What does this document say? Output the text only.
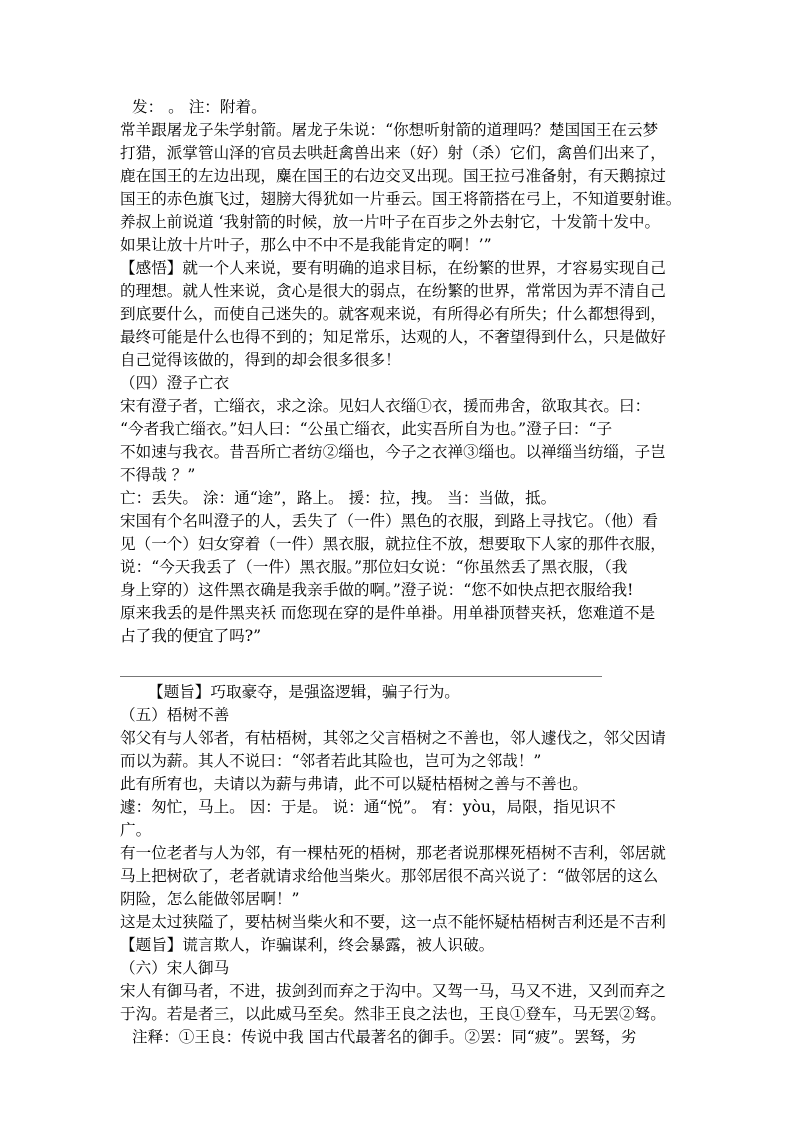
发： 。 注：附着。
常羊跟屠龙子朱学射箭。屠龙子朱说：“你想听射箭的道理吗？楚国国王在云梦
打猎，派掌管山泽的官员去哄赶禽兽出来（好）射（杀）它们，禽兽们出来了，
鹿在国王的左边出现，麋在国王的右边交叉出现。国王拉弓准备射，有天鹅掠过
国王的赤色旗飞过，翅膀大得犹如一片垂云。国王将箭搭在弓上，不知道要射谁。
养叔上前说道 ‘我射箭的时候，放一片叶子在百步之外去射它，十发箭十发中。
如果让放十片叶子，那么中不中不是我能肯定的啊！’”
【感悟】就一个人来说，要有明确的追求目标，在纷繁的世界，才容易实现自己
的理想。就人性来说，贪心是很大的弱点，在纷繁的世界，常常因为弄不清自己
到底要什么，而使自己迷失的。就客观来说，有所得必有所失；什么都想得到，
最终可能是什么也得不到的；知足常乐，达观的人，不奢望得到什么，只是做好
自己觉得该做的，得到的却会很多很多！
（四）澄子亡衣
宋有澄子者，亡缁衣，求之涂。见妇人衣缁①衣，援而弗舍，欲取其衣。曰：
“今者我亡缁衣。”妇人曰：“公虽亡缁衣，此实吾所自为也。”澄子曰：“子
不如速与我衣。昔吾所亡者纺②缁也，今子之衣禅③缁也。以禅缁当纺缁，子岂
不得哉 ？”
亡：丢失。 涂：通“途”，路上。 援：拉，拽。 当：当做，抵。
宋国有个名叫澄子的人，丢失了（一件）黑色的衣服，到路上寻找它。（他）看
见（一个）妇女穿着（一件）黑衣服，就拉住不放，想要取下人家的那件衣服，
说：“今天我丢了（一件）黑衣服。”那位妇女说：“你虽然丢了黑衣服，（我
身上穿的）这件黑衣确是我亲手做的啊。”澄子说：“您不如快点把衣服给我!
原来我丢的是件黑夹袄 而您现在穿的是件单褂。用单褂顶替夹袄，您难道不是
占了我的便宜了吗?”
【题旨】巧取豪夺，是强盗逻辑，骗子行为。
（五）梧树不善
邻父有与人邻者，有枯梧树，其邻之父言梧树之不善也，邻人遽伐之，邻父因请
而以为薪。其人不说曰：“邻者若此其险也，岂可为之邻哉！”
此有所宥也，夫请以为薪与弗请，此不可以疑枯梧树之善与不善也。
遽：匆忙，马上。 因：于是。 说：通“悦”。 宥：yòu，局限，指见识不
广。
有一位老者与人为邻，有一棵枯死的梧树，那老者说那棵死梧树不吉利，邻居就
马上把树砍了，老者就请求给他当柴火。那邻居很不高兴说了：“做邻居的这么
阴险，怎么能做邻居啊！”
这是太过狭隘了，要枯树当柴火和不要，这一点不能怀疑枯梧树吉利还是不吉利
【题旨】谎言欺人，诈骗谋利，终会暴露，被人识破。
（六）宋人御马
宋人有御马者，不进，拔剑刭而弃之于沟中。又驾一马，马又不进，又刭而弃之
于沟。若是者三，以此威马至矣。然非王良之法也，王良①登车，马无罢②驽。
注释：①王良：传说中我 国古代最著名的御手。②罢：同“疲”。罢驽，劣
